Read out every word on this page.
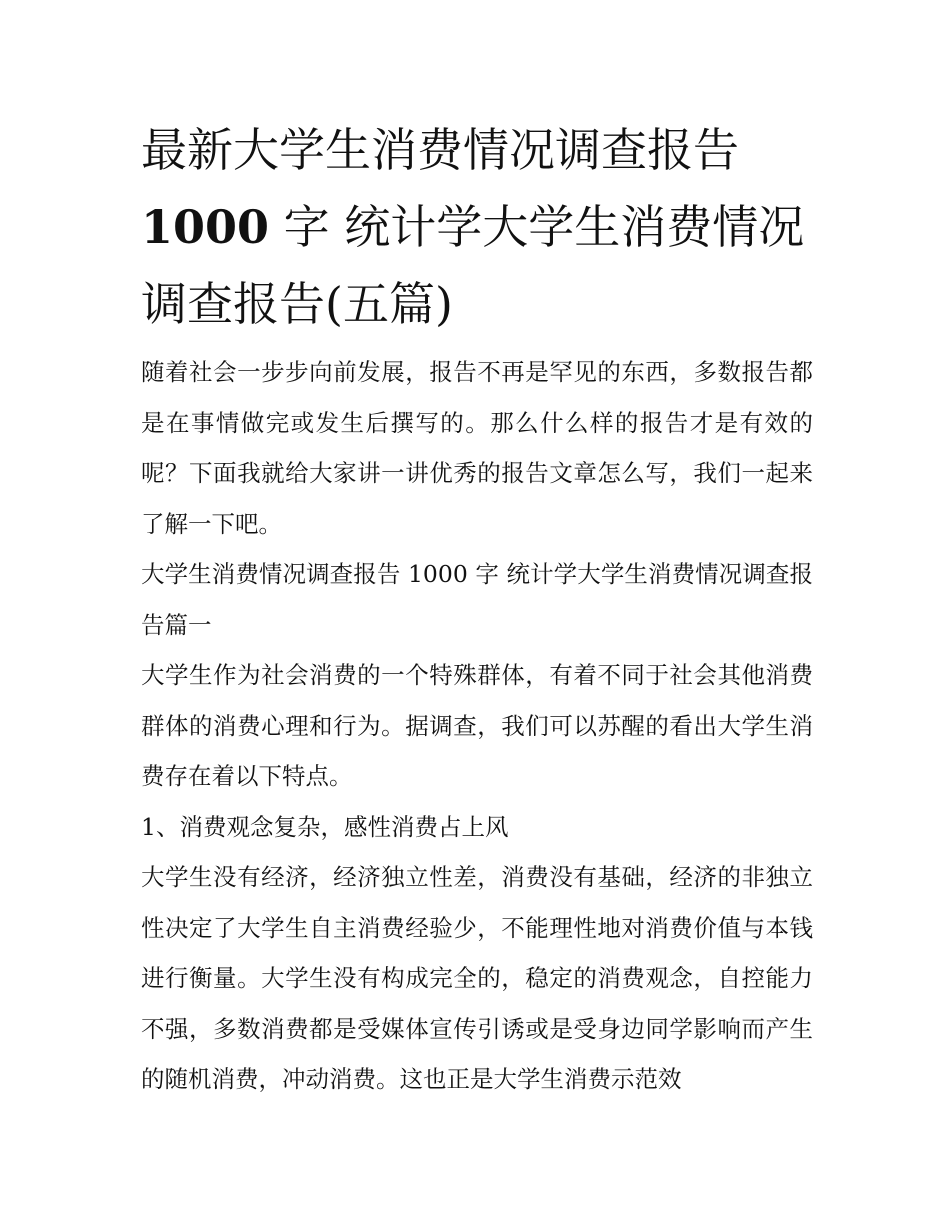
最新大学生消费情况调查报告1000 字 统计学大学生消费情况调查报告(五篇)

随着社会一步步向前发展，报告不再是罕见的东西，多数报告都是在事情做完或发生后撰写的。那么什么样的报告才是有效的呢？下面我就给大家讲一讲优秀的报告文章怎么写，我们一起来了解一下吧。

大学生消费情况调查报告 1000 字 统计学大学生消费情况调查报告篇一

大学生作为社会消费的一个特殊群体，有着不同于社会其他消费群体的消费心理和行为。据调查，我们可以苏醒的看出大学生消费存在着以下特点。

1、消费观念复杂，感性消费占上风

大学生没有经济，经济独立性差，消费没有基础，经济的非独立性决定了大学生自主消费经验少，不能理性地对消费价值与本钱进行衡量。大学生没有构成完全的，稳定的消费观念，自控能力不强，多数消费都是受媒体宣传引诱或是受身边同学影响而产生的随机消费，冲动消费。这也正是大学生消费示范效
